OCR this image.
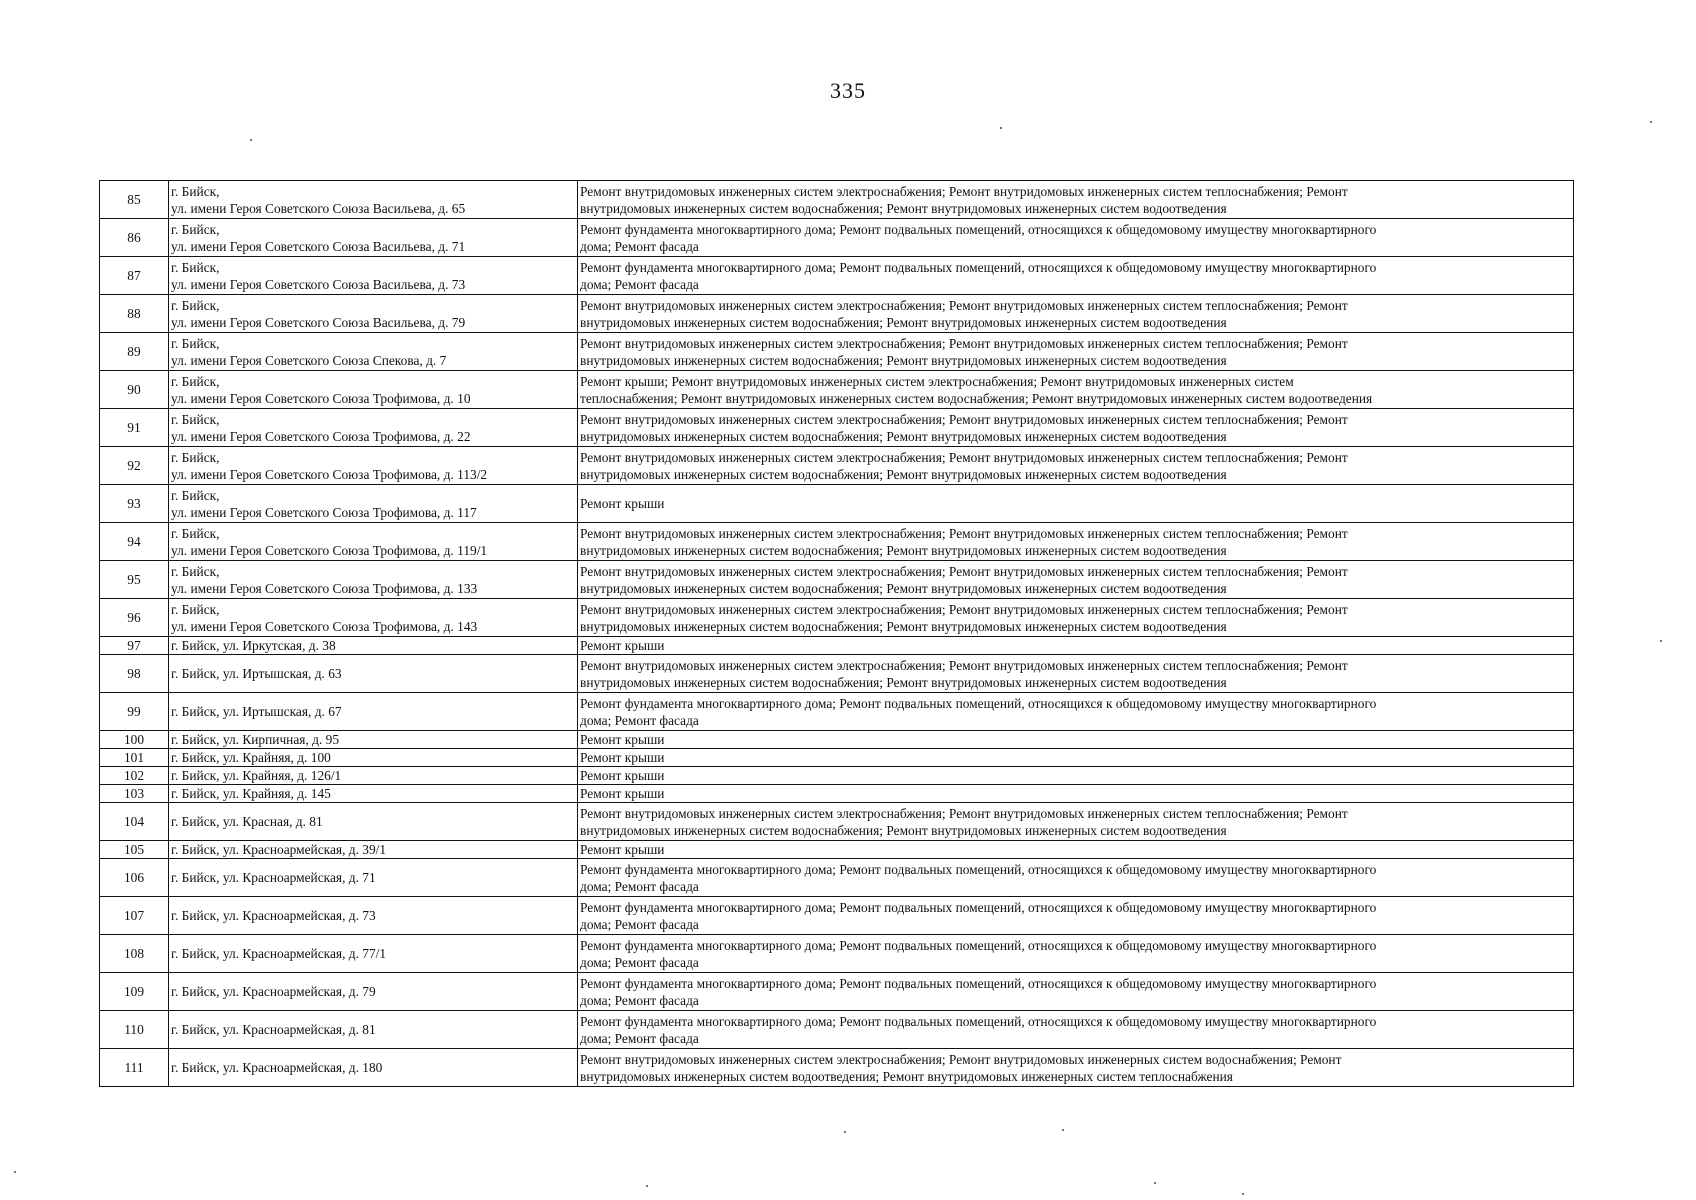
335
85	г. Бийск,
ул. имени Героя Советского Союза Васильева, д. 65	Ремонт внутридомовых инженерных систем электроснабжения; Ремонт внутридомовых инженерных систем теплоснабжения; Ремонт
внутридомовых инженерных систем водоснабжения; Ремонт внутридомовых инженерных систем водоотведения

86	г. Бийск,
ул. имени Героя Советского Союза Васильева, д. 71	Ремонт фундамента многоквартирного дома; Ремонт подвальных помещений, относящихся к общедомовому имуществу многоквартирного
дома; Ремонт фасада

87	г. Бийск,
ул. имени Героя Советского Союза Васильева, д. 73	Ремонт фундамента многоквартирного дома; Ремонт подвальных помещений, относящихся к общедомовому имуществу многоквартирного
дома; Ремонт фасада

88	г. Бийск,
ул. имени Героя Советского Союза Васильева, д. 79	Ремонт внутридомовых инженерных систем электроснабжения; Ремонт внутридомовых инженерных систем теплоснабжения; Ремонт
внутридомовых инженерных систем водоснабжения; Ремонт внутридомовых инженерных систем водоотведения

89	г. Бийск,
ул. имени Героя Советского Союза Спекова, д. 7	Ремонт внутридомовых инженерных систем электроснабжения; Ремонт внутридомовых инженерных систем теплоснабжения; Ремонт
внутридомовых инженерных систем водоснабжения; Ремонт внутридомовых инженерных систем водоотведения

90	г. Бийск,
ул. имени Героя Советского Союза Трофимова, д. 10	Ремонт крыши; Ремонт внутридомовых инженерных систем электроснабжения; Ремонт внутридомовых инженерных систем
теплоснабжения; Ремонт внутридомовых инженерных систем водоснабжения; Ремонт внутридомовых инженерных систем водоотведения

91	г. Бийск,
ул. имени Героя Советского Союза Трофимова, д. 22	Ремонт внутридомовых инженерных систем электроснабжения; Ремонт внутридомовых инженерных систем теплоснабжения; Ремонт
внутридомовых инженерных систем водоснабжения; Ремонт внутридомовых инженерных систем водоотведения

92	г. Бийск,
ул. имени Героя Советского Союза Трофимова, д. 113/2	Ремонт внутридомовых инженерных систем электроснабжения; Ремонт внутридомовых инженерных систем теплоснабжения; Ремонт
внутридомовых инженерных систем водоснабжения; Ремонт внутридомовых инженерных систем водоотведения

93	г. Бийск,
ул. имени Героя Советского Союза Трофимова, д. 117	Ремонт крыши

94	г. Бийск,
ул. имени Героя Советского Союза Трофимова, д. 119/1	Ремонт внутридомовых инженерных систем электроснабжения; Ремонт внутридомовых инженерных систем теплоснабжения; Ремонт
внутридомовых инженерных систем водоснабжения; Ремонт внутридомовых инженерных систем водоотведения

95	г. Бийск,
ул. имени Героя Советского Союза Трофимова, д. 133	Ремонт внутридомовых инженерных систем электроснабжения; Ремонт внутридомовых инженерных систем теплоснабжения; Ремонт
внутридомовых инженерных систем водоснабжения; Ремонт внутридомовых инженерных систем водоотведения

96	г. Бийск,
ул. имени Героя Советского Союза Трофимова, д. 143	Ремонт внутридомовых инженерных систем электроснабжения; Ремонт внутридомовых инженерных систем теплоснабжения; Ремонт
внутридомовых инженерных систем водоснабжения; Ремонт внутридомовых инженерных систем водоотведения

97	г. Бийск, ул. Иркутская, д. 38	Ремонт крыши

98	г. Бийск, ул. Иртышская, д. 63	Ремонт внутридомовых инженерных систем электроснабжения; Ремонт внутридомовых инженерных систем теплоснабжения; Ремонт
внутридомовых инженерных систем водоснабжения; Ремонт внутридомовых инженерных систем водоотведения

99	г. Бийск, ул. Иртышская, д. 67	Ремонт фундамента многоквартирного дома; Ремонт подвальных помещений, относящихся к общедомовому имуществу многоквартирного
дома; Ремонт фасада

100	г. Бийск, ул. Кирпичная, д. 95	Ремонт крыши

101	г. Бийск, ул. Крайняя, д. 100	Ремонт крыши

102	г. Бийск, ул. Крайняя, д. 126/1	Ремонт крыши

103	г. Бийск, ул. Крайняя, д. 145	Ремонт крыши

104	г. Бийск, ул. Красная, д. 81	Ремонт внутридомовых инженерных систем электроснабжения; Ремонт внутридомовых инженерных систем теплоснабжения; Ремонт
внутридомовых инженерных систем водоснабжения; Ремонт внутридомовых инженерных систем водоотведения

105	г. Бийск, ул. Красноармейская, д. 39/1	Ремонт крыши

106	г. Бийск, ул. Красноармейская, д. 71	Ремонт фундамента многоквартирного дома; Ремонт подвальных помещений, относящихся к общедомовому имуществу многоквартирного
дома; Ремонт фасада

107	г. Бийск, ул. Красноармейская, д. 73	Ремонт фундамента многоквартирного дома; Ремонт подвальных помещений, относящихся к общедомовому имуществу многоквартирного
дома; Ремонт фасада

108	г. Бийск, ул. Красноармейская, д. 77/1	Ремонт фундамента многоквартирного дома; Ремонт подвальных помещений, относящихся к общедомовому имуществу многоквартирного
дома; Ремонт фасада

109	г. Бийск, ул. Красноармейская, д. 79	Ремонт фундамента многоквартирного дома; Ремонт подвальных помещений, относящихся к общедомовому имуществу многоквартирного
дома; Ремонт фасада

110	г. Бийск, ул. Красноармейская, д. 81	Ремонт фундамента многоквартирного дома; Ремонт подвальных помещений, относящихся к общедомовому имуществу многоквартирного
дома; Ремонт фасада

111	г. Бийск, ул. Красноармейская, д. 180	Ремонт внутридомовых инженерных систем электроснабжения; Ремонт внутридомовых инженерных систем водоснабжения; Ремонт
внутридомовых инженерных систем водоотведения; Ремонт внутридомовых инженерных систем теплоснабжения
